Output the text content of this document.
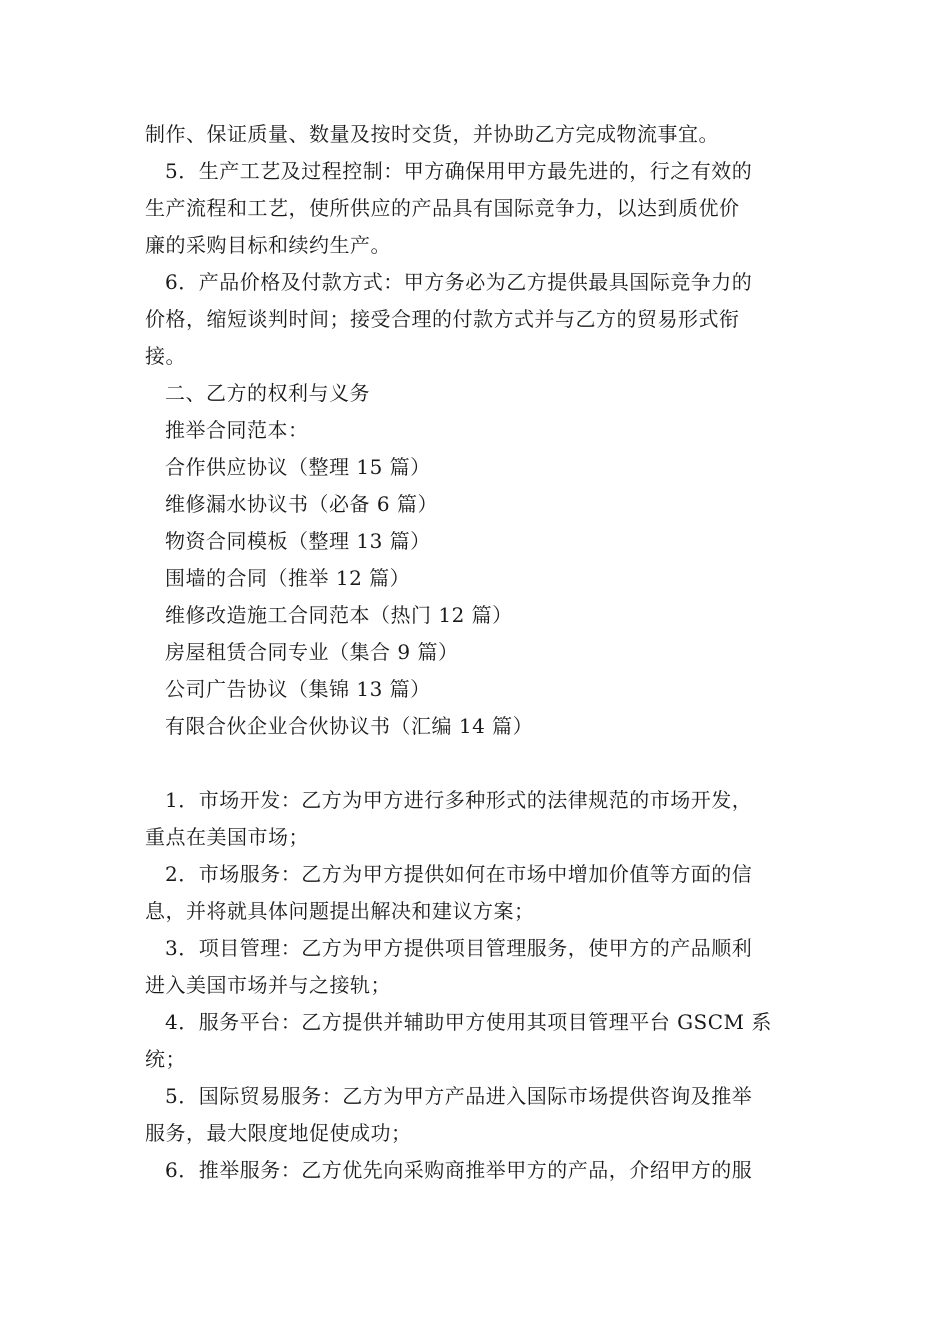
制作、保证质量、数量及按时交货，并协助乙方完成物流事宜。
5．生产工艺及过程控制：甲方确保用甲方最先进的，行之有效的
生产流程和工艺，使所供应的产品具有国际竞争力，以达到质优价
廉的采购目标和续约生产。
6．产品价格及付款方式：甲方务必为乙方提供最具国际竞争力的
价格，缩短谈判时间；接受合理的付款方式并与乙方的贸易形式衔
接。
二、乙方的权利与义务
推举合同范本：
合作供应协议（整理 15 篇）
维修漏水协议书（必备 6 篇）
物资合同模板（整理 13 篇）
围墙的合同（推举 12 篇）
维修改造施工合同范本（热门 12 篇）
房屋租赁合同专业（集合 9 篇）
公司广告协议（集锦 13 篇）
有限合伙企业合伙协议书（汇编 14 篇）
1．市场开发：乙方为甲方进行多种形式的法律规范的市场开发，
重点在美国市场；
2．市场服务：乙方为甲方提供如何在市场中增加价值等方面的信
息，并将就具体问题提出解决和建议方案；
3．项目管理：乙方为甲方提供项目管理服务，使甲方的产品顺利
进入美国市场并与之接轨；
4．服务平台：乙方提供并辅助甲方使用其项目管理平台 GSCM 系
统；
5．国际贸易服务：乙方为甲方产品进入国际市场提供咨询及推举
服务，最大限度地促使成功；
6．推举服务：乙方优先向采购商推举甲方的产品，介绍甲方的服
